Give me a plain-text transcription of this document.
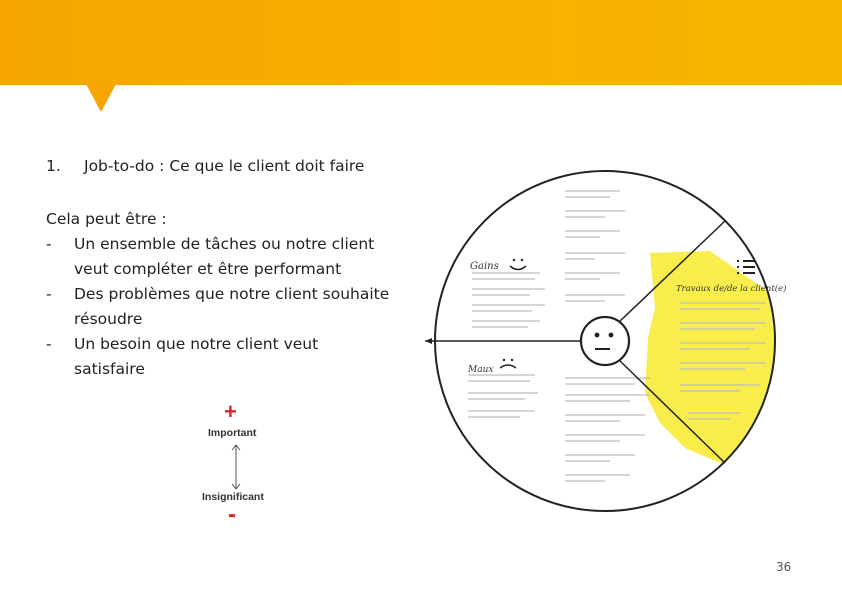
1. Job-to-do : Ce que le client doit faire

Cela peut être :

- Un ensemble de tâches ou notre client veut compléter et être performant
- Des problèmes que notre client souhaite résoudre
- Un besoin que notre client veut satisfaire
+
Important
Insignificant
-
Gains
Maux
Travaux de/de la client(e)
36
